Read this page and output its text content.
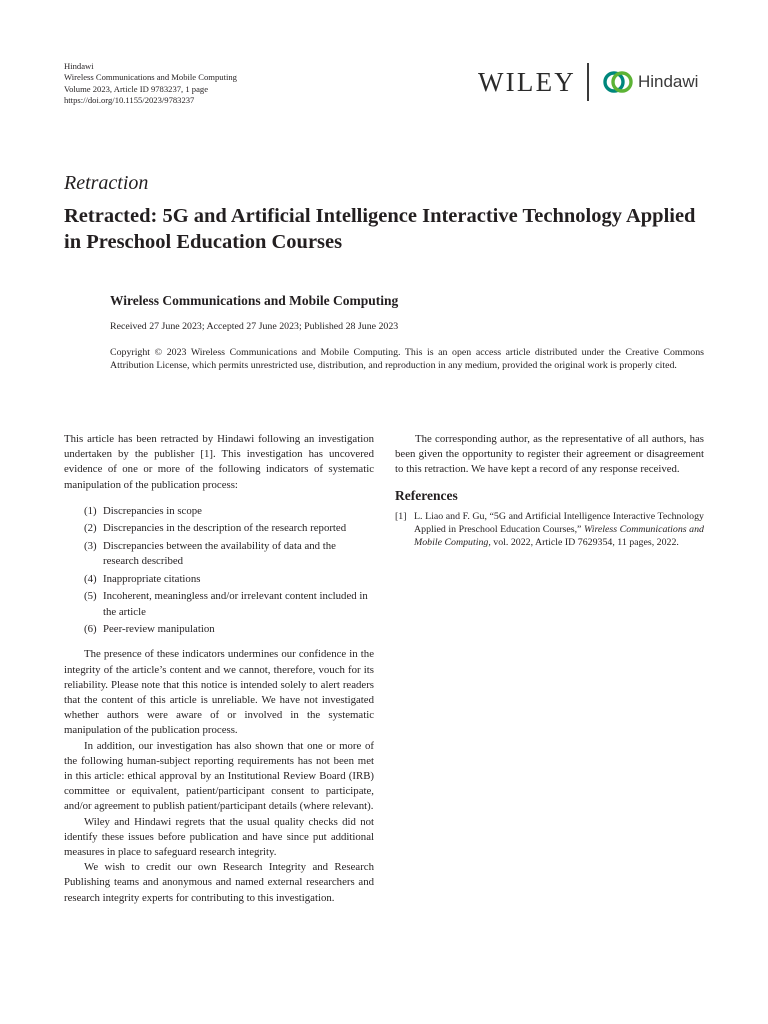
Hindawi
Wireless Communications and Mobile Computing
Volume 2023, Article ID 9783237, 1 page
https://doi.org/10.1155/2023/9783237
WILEY	Hindawi
Retraction
Retracted: 5G and Artificial Intelligence Interactive Technology Applied in Preschool Education Courses
Wireless Communications and Mobile Computing
Received 27 June 2023; Accepted 27 June 2023; Published 28 June 2023
Copyright © 2023 Wireless Communications and Mobile Computing. This is an open access article distributed under the Creative Commons Attribution License, which permits unrestricted use, distribution, and reproduction in any medium, provided the original work is properly cited.

This article has been retracted by Hindawi following an investigation undertaken by the publisher [1]. This investigation has uncovered evidence of one or more of the following indicators of systematic manipulation of the publication process:

(1) Discrepancies in scope
(2) Discrepancies in the description of the research reported
(3) Discrepancies between the availability of data and the research described
(4) Inappropriate citations
(5) Incoherent, meaningless and/or irrelevant content included in the article
(6) Peer-review manipulation

The presence of these indicators undermines our confidence in the integrity of the article’s content and we cannot, therefore, vouch for its reliability. Please note that this notice is intended solely to alert readers that the content of this article is unreliable. We have not investigated whether authors were aware of or involved in the systematic manipulation of the publication process.

In addition, our investigation has also shown that one or more of the following human-subject reporting requirements has not been met in this article: ethical approval by an Institutional Review Board (IRB) committee or equivalent, patient/participant consent to participate, and/or agreement to publish patient/participant details (where relevant).

Wiley and Hindawi regrets that the usual quality checks did not identify these issues before publication and have since put additional measures in place to safeguard research integrity.

We wish to credit our own Research Integrity and Research Publishing teams and anonymous and named external researchers and research integrity experts for contributing to this investigation.

The corresponding author, as the representative of all authors, has been given the opportunity to register their agreement or disagreement to this retraction. We have kept a record of any response received.

References
[1] L. Liao and F. Gu, “5G and Artificial Intelligence Interactive Technology Applied in Preschool Education Courses,” Wireless Communications and Mobile Computing, vol. 2022, Article ID 7629354, 11 pages, 2022.
